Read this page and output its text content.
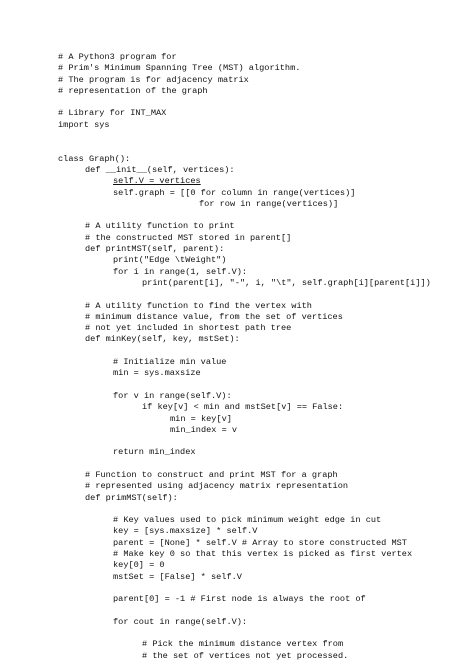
# A Python3 program for
# Prim's Minimum Spanning Tree (MST) algorithm.
# The program is for adjacency matrix
# representation of the graph
# Library for INT_MAX
import sys
class Graph():
def __init__(self, vertices):
self.V = vertices
self.graph = [[0 for column in range(vertices)]
for row in range(vertices)]
# A utility function to print
# the constructed MST stored in parent[]
def printMST(self, parent):
print("Edge \tWeight")
for i in range(1, self.V):
print(parent[i], "-", i, "\t", self.graph[i][parent[i]])
# A utility function to find the vertex with
# minimum distance value, from the set of vertices
# not yet included in shortest path tree
def minKey(self, key, mstSet):
# Initialize min value
min = sys.maxsize
for v in range(self.V):
if key[v] < min and mstSet[v] == False:
min = key[v]
min_index = v
return min_index
# Function to construct and print MST for a graph
# represented using adjacency matrix representation
def primMST(self):
# Key values used to pick minimum weight edge in cut
key = [sys.maxsize] * self.V
parent = [None] * self.V # Array to store constructed MST
# Make key 0 so that this vertex is picked as first vertex
key[0] = 0
mstSet = [False] * self.V
parent[0] = -1 # First node is always the root of
for cout in range(self.V):
# Pick the minimum distance vertex from
# the set of vertices not yet processed.
